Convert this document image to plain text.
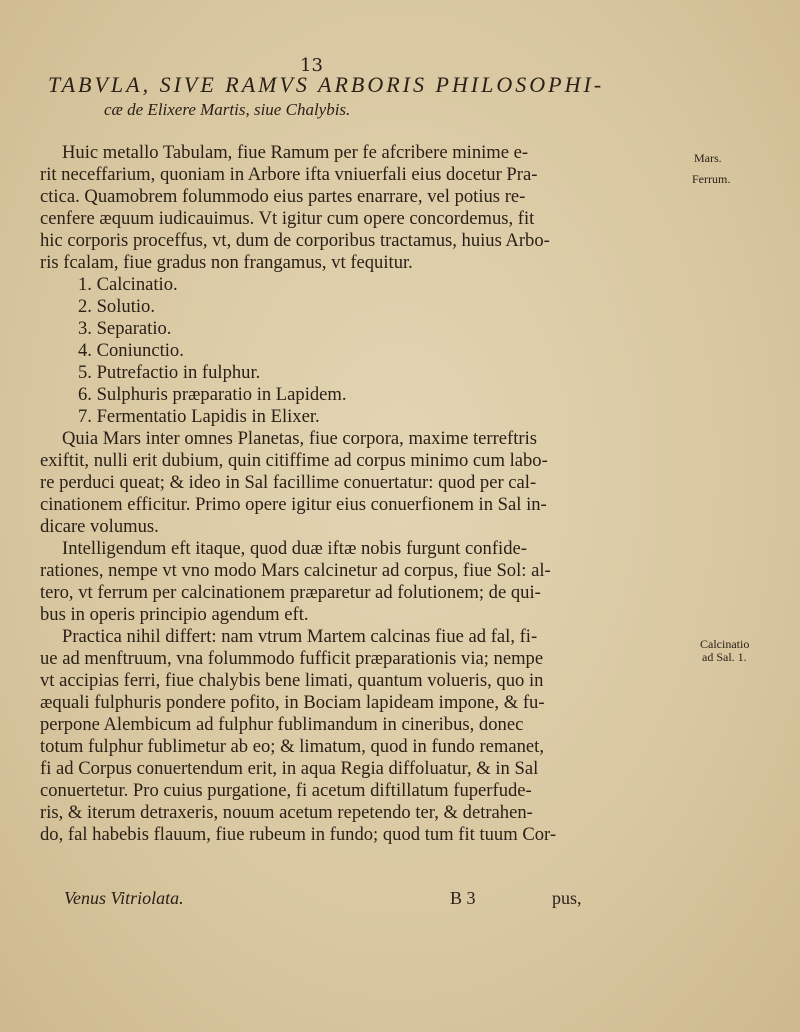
13
TABVLA, SIVE RAMVS ARBORIS PHILOSOPHI-
cæ de Elixere Martis, siue Chalybis.
Mars.
Ferrum.
Calcinatio
ad Sal. 1.
Huic metallo Tabulam, fiue Ramum per fe afcribere minime e-
rit neceffarium, quoniam in Arbore ifta vniuerfali eius docetur Pra-
ctica. Quamobrem folummodo eius partes enarrare, vel potius re-
cenfere æquum iudicauimus. Vt igitur cum opere concordemus, fit
hic corporis proceffus, vt, dum de corporibus tractamus, huius Arbo-
ris fcalam, fiue gradus non frangamus, vt fequitur.
1. Calcinatio.
2. Solutio.
3. Separatio.
4. Coniunctio.
5. Putrefactio in fulphur.
6. Sulphuris præparatio in Lapidem.
7. Fermentatio Lapidis in Elixer.
Quia Mars inter omnes Planetas, fiue corpora, maxime terreftris
exiftit, nulli erit dubium, quin citiffime ad corpus minimo cum labo-
re perduci queat; & ideo in Sal facillime conuertatur: quod per cal-
cinationem efficitur. Primo opere igitur eius conuerfionem in Sal in-
dicare volumus.
Intelligendum eft itaque, quod duæ iftæ nobis furgunt confide-
rationes, nempe vt vno modo Mars calcinetur ad corpus, fiue Sol: al-
tero, vt ferrum per calcinationem præparetur ad folutionem; de qui-
bus in operis principio agendum eft.
Practica nihil differt: nam vtrum Martem calcinas fiue ad fal, fi-
ue ad menftruum, vna folummodo fufficit præparationis via; nempe
vt accipias ferri, fiue chalybis bene limati, quantum volueris, quo in
æquali fulphuris pondere pofito, in Bociam lapideam impone, & fu-
perpone Alembicum ad fulphur fublimandum in cineribus, donec
totum fulphur fublimetur ab eo; & limatum, quod in fundo remanet,
fi ad Corpus conuertendum erit, in aqua Regia diffoluatur, & in Sal
conuertetur. Pro cuius purgatione, fi acetum diftillatum fuperfude-
ris, & iterum detraxeris, nouum acetum repetendo ter, & detrahen-
do, fal habebis flauum, fiue rubeum in fundo; quod tum fit tuum Cor-
Venus Vitriolata.	B 3	pus,
